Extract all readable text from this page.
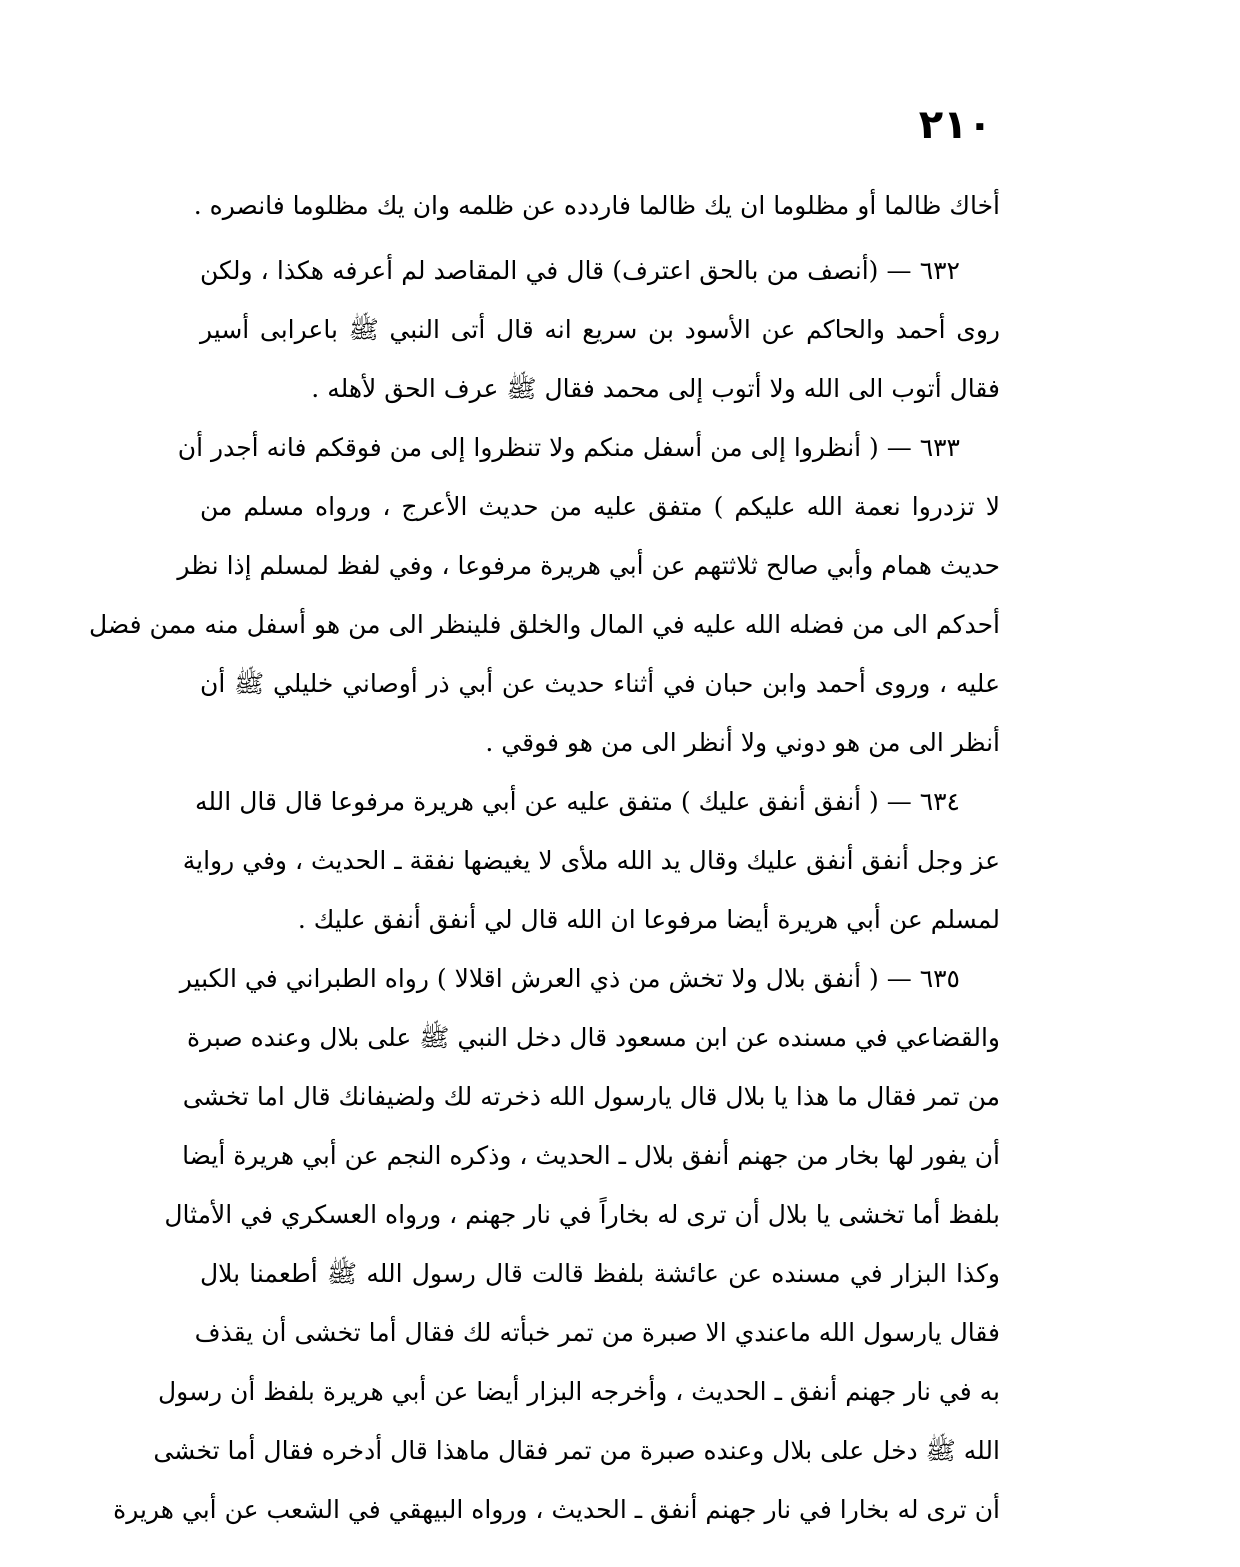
٢١٠
أخاك ظالما أو مظلوما ان يك ظالما فاردده عن ظلمه وان يك مظلوما فانصره .
٦٣٢ — (أنصف من بالحق اعترف) قال في المقاصد لم أعرفه هكذا ، ولكن
روى أحمد والحاكم عن الأسود بن سريع انه قال أتى النبي ﷺ باعرابى أسير
فقال أتوب الى الله ولا أتوب إلى محمد فقال ﷺ عرف الحق لأهله .
٦٣٣ — ( أنظروا إلى من أسفل منكم ولا تنظروا إلى من فوقكم فانه أجدر أن
لا تزدروا نعمة الله عليكم ) متفق عليه من حديث الأعرج ، ورواه مسلم من
حديث همام وأبي صالح ثلاثتهم عن أبي هريرة مرفوعا ، وفي لفظ لمسلم إذا نظر
أحدكم الى من فضله الله عليه في المال والخلق فلينظر الى من هو أسفل منه ممن فضل
عليه ، وروى أحمد وابن حبان في أثناء حديث عن أبي ذر أوصاني خليلي ﷺ أن
أنظر الى من هو دوني ولا أنظر الى من هو فوقي .
٦٣٤ — ( أنفق أنفق عليك ) متفق عليه عن أبي هريرة مرفوعا قال قال الله
عز وجل أنفق أنفق عليك وقال يد الله ملأى لا يغيضها نفقة ـ الحديث ، وفي رواية
لمسلم عن أبي هريرة أيضا مرفوعا ان الله قال لي أنفق أنفق عليك .
٦٣٥ — ( أنفق بلال ولا تخش من ذي العرش اقلالا ) رواه الطبراني في الكبير
والقضاعي في مسنده عن ابن مسعود قال دخل النبي ﷺ على بلال وعنده صبرة
من تمر فقال ما هذا يا بلال قال يارسول الله ذخرته لك ولضيفانك قال اما تخشى
أن يفور لها بخار من جهنم أنفق بلال ـ الحديث ، وذكره النجم عن أبي هريرة أيضا
بلفظ أما تخشى يا بلال أن ترى له بخاراً في نار جهنم ، ورواه العسكري في الأمثال
وكذا البزار في مسنده عن عائشة بلفظ قالت قال رسول الله ﷺ أطعمنا بلال
فقال يارسول الله ماعندي الا صبرة من تمر خبأته لك فقال أما تخشى أن يقذف
به في نار جهنم أنفق ـ الحديث ، وأخرجه البزار أيضا عن أبي هريرة بلفظ أن رسول
الله ﷺ دخل على بلال وعنده صبرة من تمر فقال ماهذا قال أدخره فقال أما تخشى
أن ترى له بخارا في نار جهنم أنفق ـ الحديث ، ورواه البيهقي في الشعب عن أبي هريرة
